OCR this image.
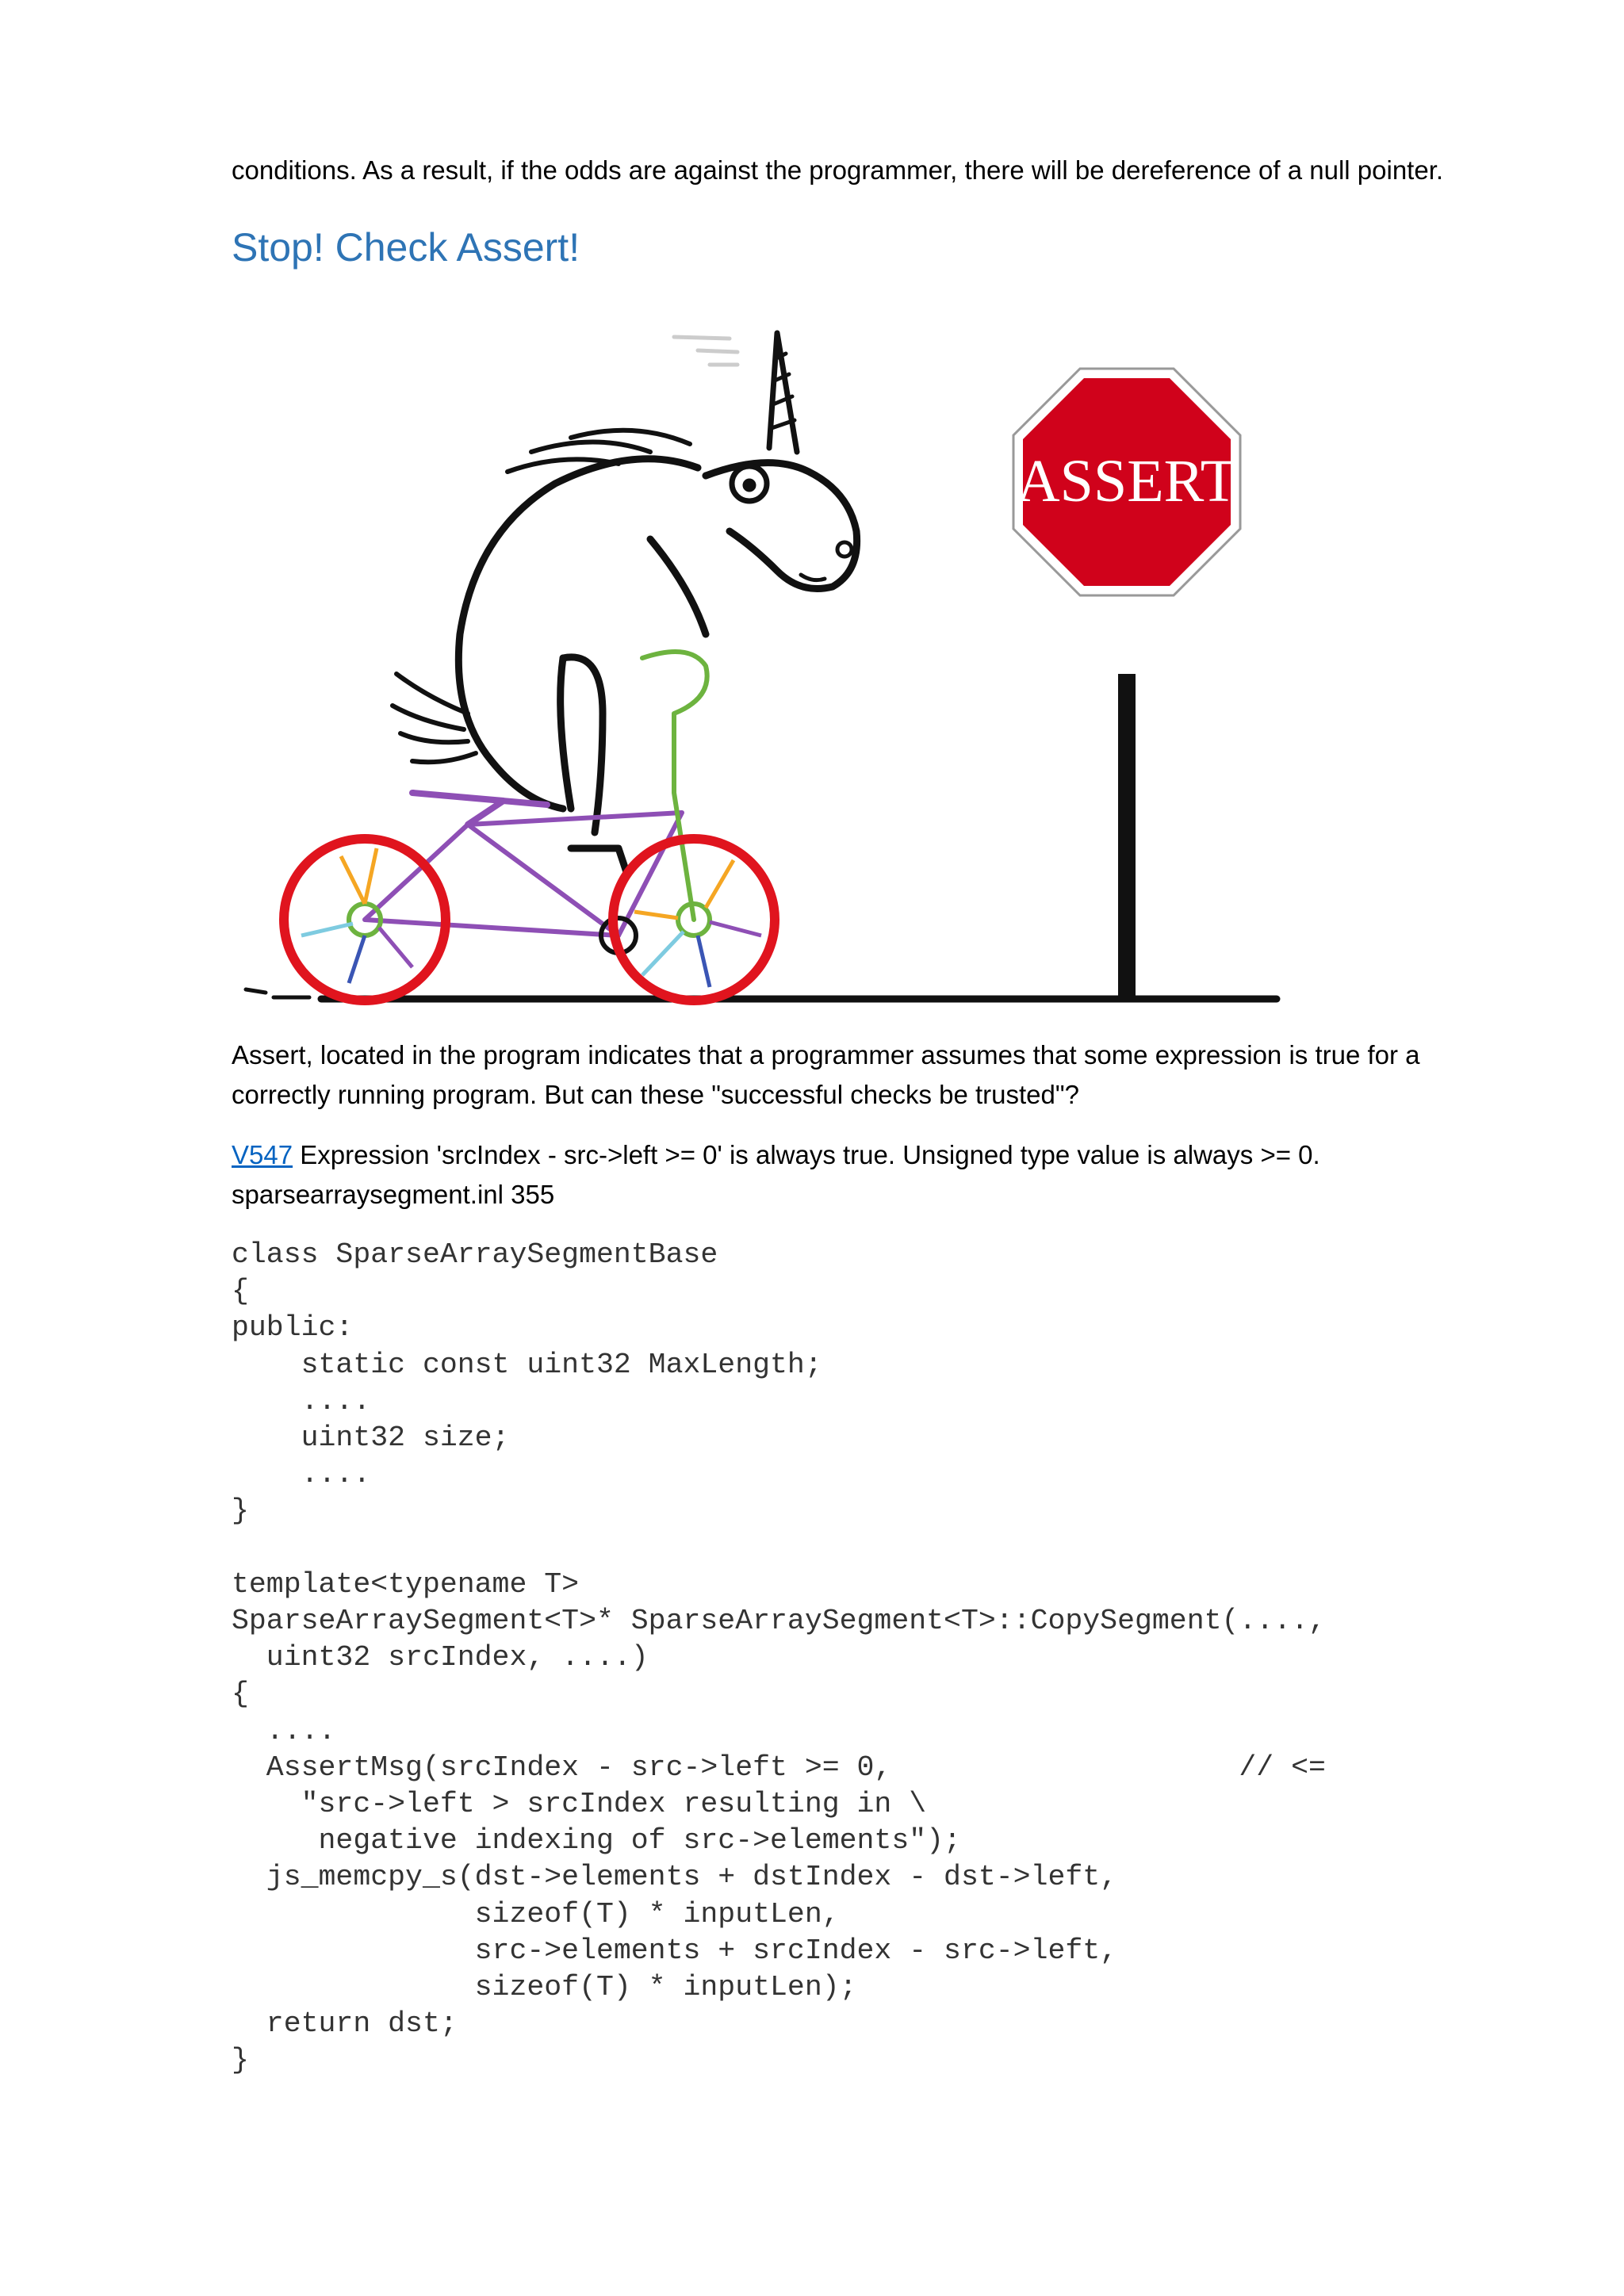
conditions. As a result, if the odds are against the programmer, there will be dereference of a null pointer.

Stop! Check Assert!
ASSERT

Assert, located in the program indicates that a programmer assumes that some expression is true for a correctly running program. But can these "successful checks be trusted"?

V547 Expression 'srcIndex - src->left >= 0' is always true. Unsigned type value is always >= 0. sparsearraysegment.inl 355

class SparseArraySegmentBase
{
public:
static const uint32 MaxLength;
....
uint32 size;
....
}

template<typename T>
SparseArraySegment<T>* SparseArraySegment<T>::CopySegment(....,
uint32 srcIndex, ....)
{
....
AssertMsg(srcIndex - src->left >= 0,                    // <=
"src->left > srcIndex resulting in \
negative indexing of src->elements");
js_memcpy_s(dst->elements + dstIndex - dst->left,
sizeof(T) * inputLen,
src->elements + srcIndex - src->left,
sizeof(T) * inputLen);
return dst;
}
